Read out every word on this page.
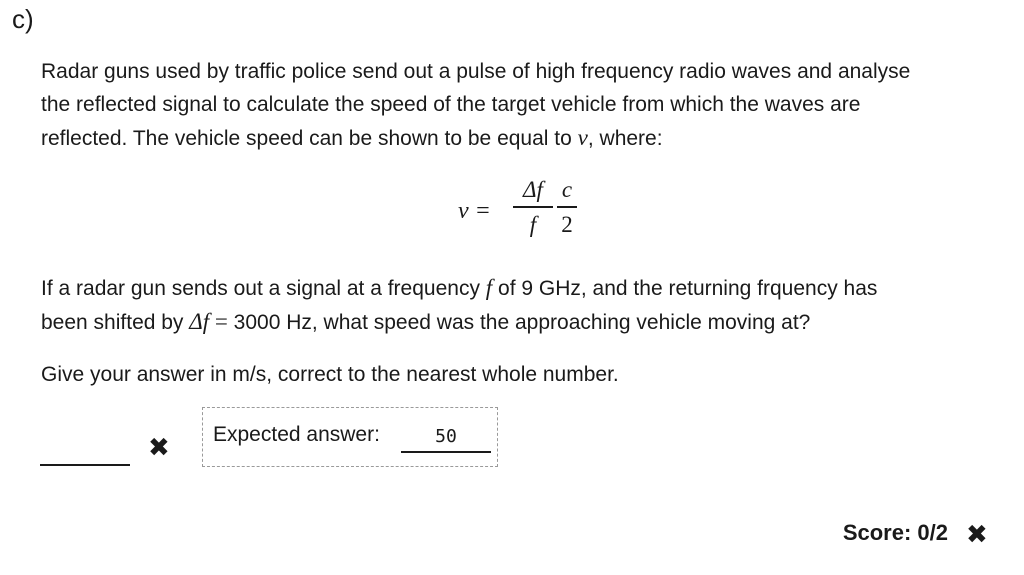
c)
Radar guns used by traffic police send out a pulse of high frequency radio waves and analyse
the reflected signal to calculate the speed of the target vehicle from which the waves are
reflected. The vehicle speed can be shown to be equal to v, where:
v =
Δf
f
c
2
If a radar gun sends out a signal at a frequency f of 9 GHz, and the returning frquency has
been shifted by Δf = 3000 Hz, what speed was the approaching vehicle moving at?
Give your answer in m/s, correct to the nearest whole number.
✖ Expected answer:	50
Score: 0/2 ✖
